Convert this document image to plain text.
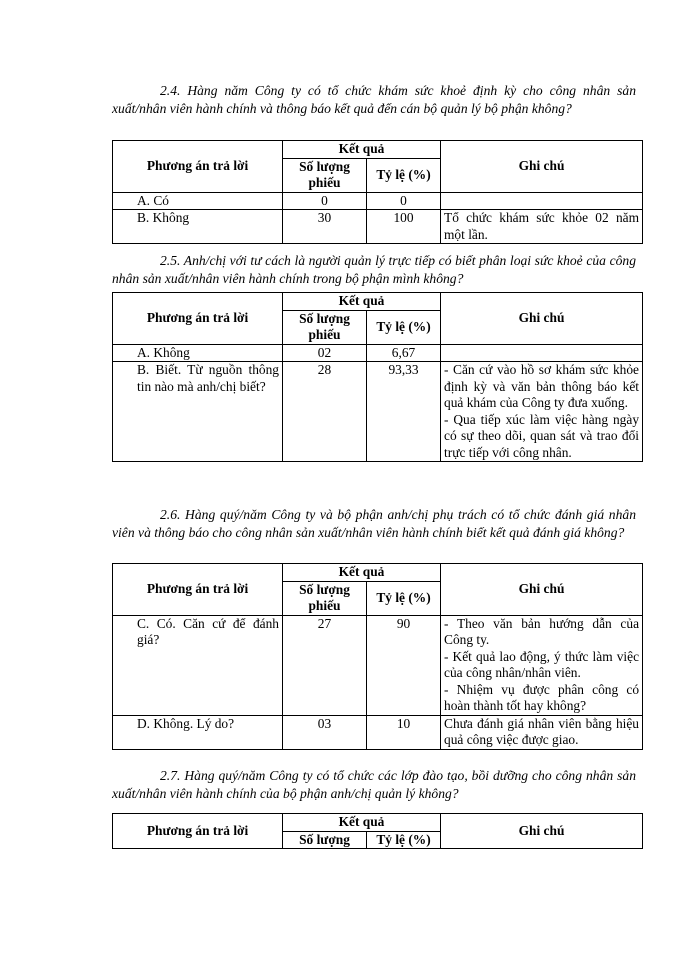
2.4. Hàng năm Công ty có tổ chức khám sức khoẻ định kỳ cho công nhân sản xuất/nhân viên hành chính và thông báo kết quả đến cán bộ quản lý bộ phận không?

Phương án trả lời	Kết quả		Ghi chú
	Số lượng phiếu	Tỷ lệ (%)	
A. Có	0	0	
B. Không	30	100	Tổ chức khám sức khỏe 02 năm một lần.

2.5. Anh/chị với tư cách là người quản lý trực tiếp có biết phân loại sức khoẻ của công nhân sản xuất/nhân viên hành chính trong bộ phận mình không?

Phương án trả lời	Kết quả		Ghi chú
	Số lượng phiếu	Tỷ lệ (%)	
A. Không	02	6,67	
B. Biết. Từ nguồn thông tin nào mà anh/chị biết?	28	93,33	- Căn cứ vào hồ sơ khám sức khỏe định kỳ và văn bản thông báo kết quả khám của Công ty đưa xuống.
- Qua tiếp xúc làm việc hàng ngày có sự theo dõi, quan sát và trao đổi trực tiếp với công nhân.

2.6. Hàng quý/năm Công ty và bộ phận anh/chị phụ trách có tổ chức đánh giá nhân viên và thông báo cho công nhân sản xuất/nhân viên hành chính biết kết quả đánh giá không?

Phương án trả lời	Kết quả		Ghi chú
	Số lượng phiếu	Tỷ lệ (%)	
C. Có. Căn cứ để đánh giá?	27	90	- Theo văn bản hướng dẫn của Công ty.
- Kết quả lao động, ý thức làm việc của công nhân/nhân viên.
- Nhiệm vụ được phân công có hoàn thành tốt hay không?

D. Không. Lý do?	03	10	Chưa đánh giá nhân viên bằng hiệu quả công việc được giao.

2.7. Hàng quý/năm Công ty có tổ chức các lớp đào tạo, bồi dưỡng cho công nhân sản xuất/nhân viên hành chính của bộ phận anh/chị quản lý không?

Phương án trả lời	Kết quả		Ghi chú
	Số lượng	Tỷ lệ (%)	
